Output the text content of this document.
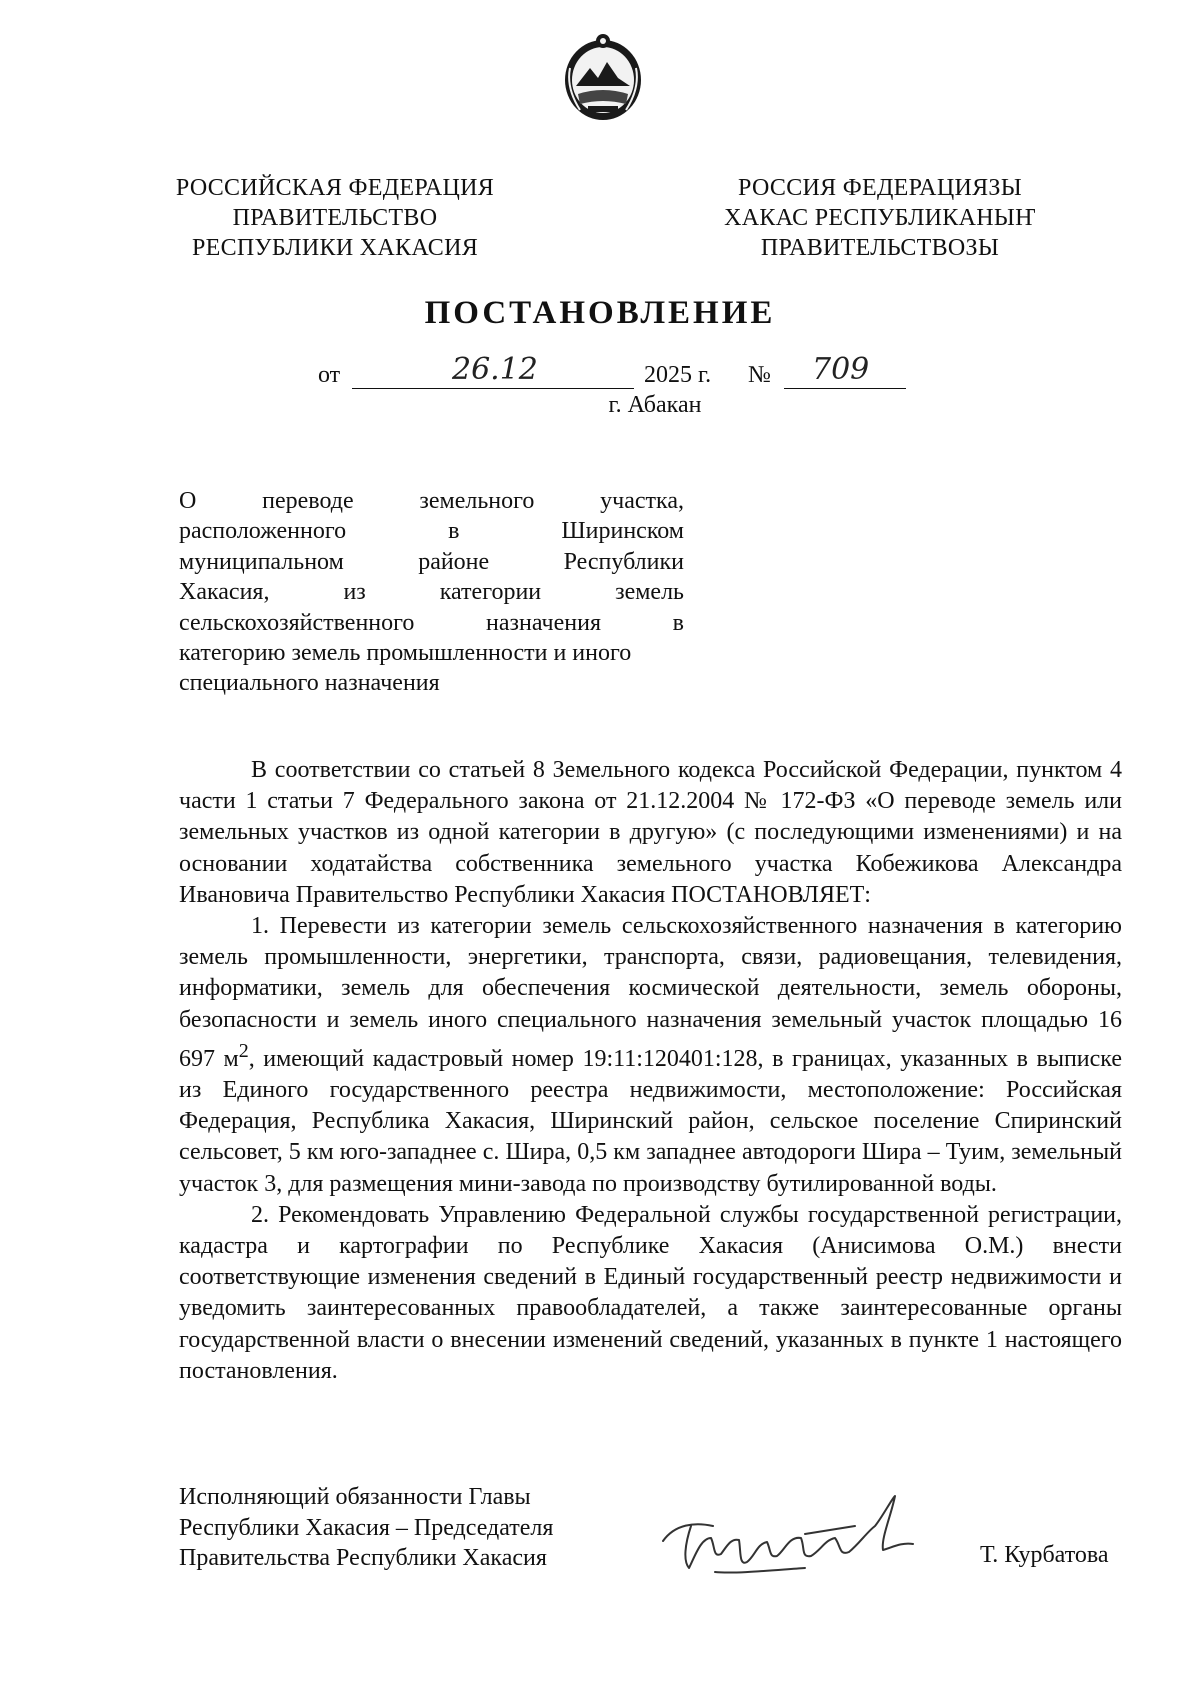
РОССИЙСКАЯ ФЕДЕРАЦИЯ
ПРАВИТЕЛЬСТВО
РЕСПУБЛИКИ ХАКАСИЯ
РОССИЯ ФЕДЕРАЦИЯЗЫ
ХАКАС РЕСПУБЛИКАНЫҤ
ПРАВИТЕЛЬСТВОЗЫ
ПОСТАНОВЛЕНИЕ
от	26.12	2025 г. № 709
г. Абакан

О переводе земельного участка,

расположенного в Ширинском

муниципальном районе Республики

Хакасия, из категории земель

сельскохозяйственного назначения в

категорию земель промышленности и иного

специального назначения

В соответствии со статьей 8 Земельного кодекса Российской Федерации, пунктом 4 части 1 статьи 7 Федерального закона от 21.12.2004 № 172-ФЗ «О переводе земель или земельных участков из одной категории в другую» (с последующими изменениями) и на основании ходатайства собственника земельного участка Кобежикова Александра Ивановича Правительство Республики Хакасия ПОСТАНОВЛЯЕТ:

1. Перевести из категории земель сельскохозяйственного назначения в категорию земель промышленности, энергетики, транспорта, связи, радиовещания, телевидения, информатики, земель для обеспечения космической деятельности, земель обороны, безопасности и земель иного специального назначения земельный участок площадью 16 697 $м^2$, имеющий кадастровый номер 19:11:120401:128, в границах, указанных в выписке из Единого государственного реестра недвижимости, местоположение: Российская Федерация, Республика Хакасия, Ширинский район, сельское поселение Спиринский сельсовет, 5 км юго-западнее с. Шира, 0,5 км западнее автодороги Шира – Туим, земельный участок 3, для размещения мини-завода по производству бутилированной воды.

2. Рекомендовать Управлению Федеральной службы государственной регистрации, кадастра и картографии по Республике Хакасия (Анисимова О.М.) внести соответствующие изменения сведений в Единый государственный реестр недвижимости и уведомить заинтересованных правообладателей, а также заинтересованные органы государственной власти о внесении изменений сведений, указанных в пункте 1 настоящего постановления.

Исполняющий обязанности Главы
Республики Хакасия – Председателя
Правительства Республики Хакасия	Т. Курбатова
